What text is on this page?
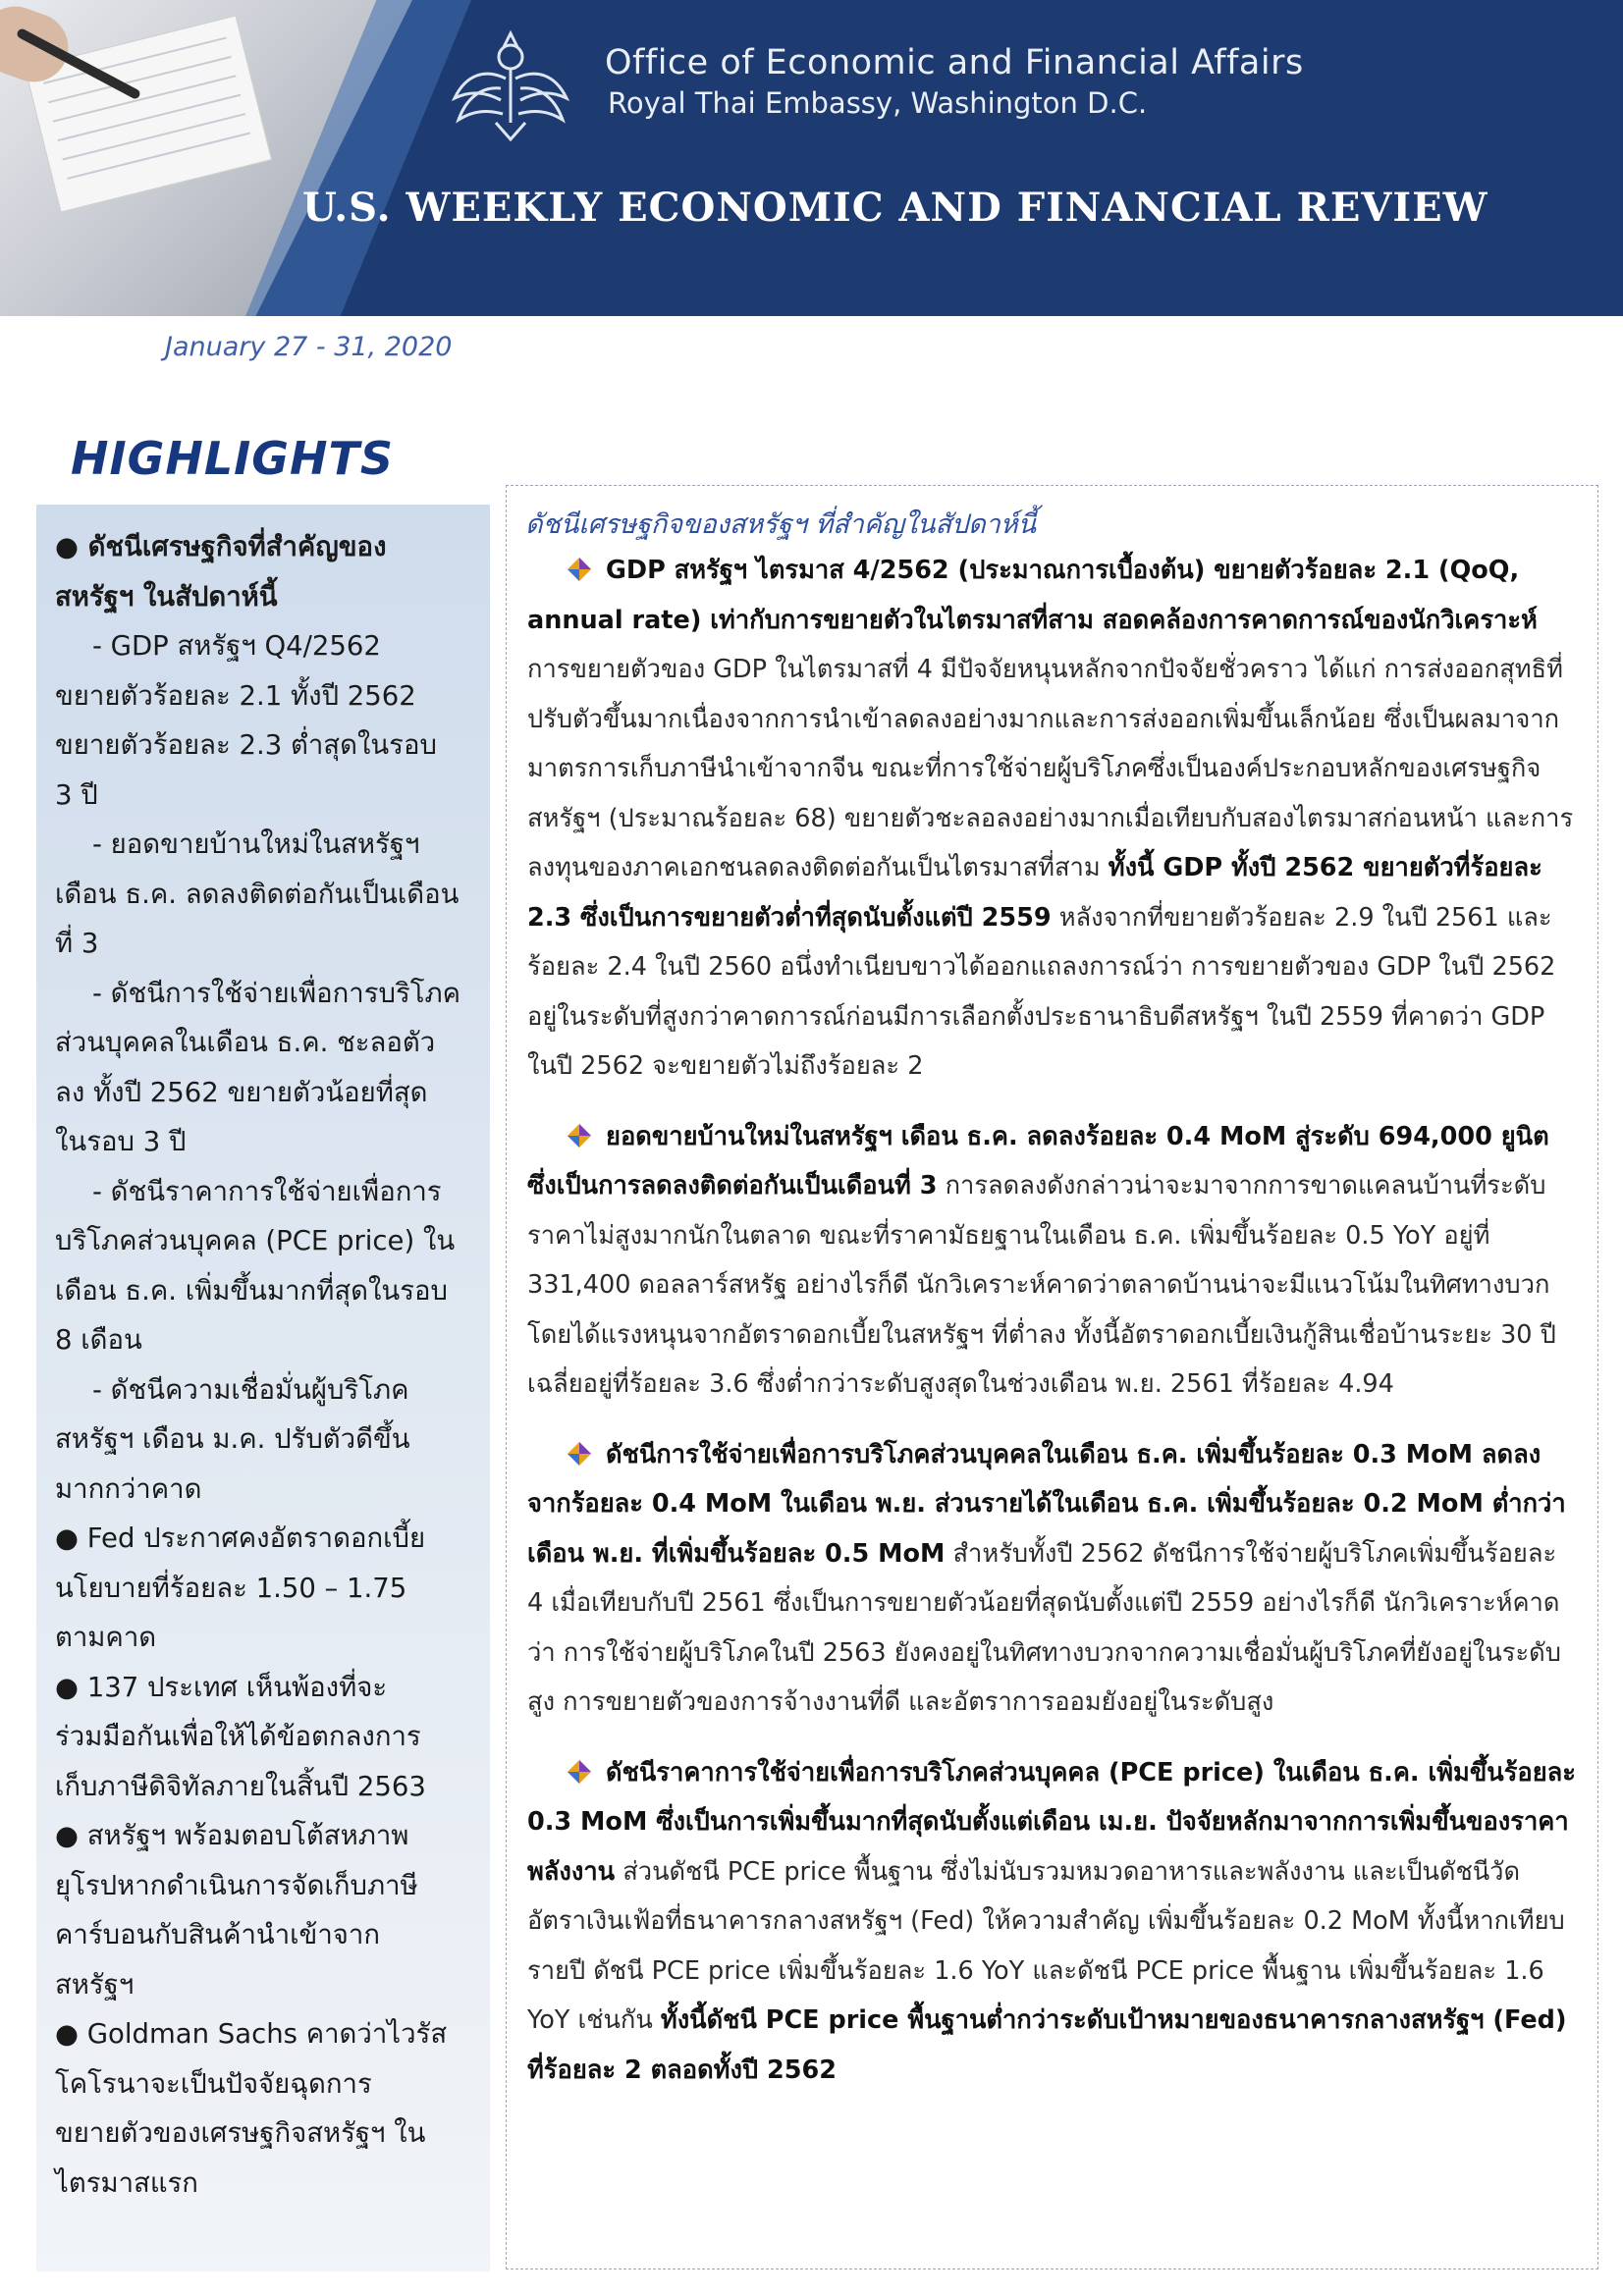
Office of Economic and Financial Affairs
Royal Thai Embassy, Washington D.C.
U.S. WEEKLY ECONOMIC AND FINANCIAL REVIEW
January 27 - 31, 2020
HIGHLIGHTS

● ดัชนีเศรษฐกิจที่สำคัญของ

สหรัฐฯ ในสัปดาห์นี้

- GDP สหรัฐฯ Q4/2562

ขยายตัวร้อยละ 2.1 ทั้งปี 2562

ขยายตัวร้อยละ 2.3 ต่ำสุดในรอบ

3 ปี

- ยอดขายบ้านใหม่ในสหรัฐฯ

เดือน ธ.ค. ลดลงติดต่อกันเป็นเดือน

ที่ 3

- ดัชนีการใช้จ่ายเพื่อการบริโภค

ส่วนบุคคลในเดือน ธ.ค. ชะลอตัว

ลง ทั้งปี 2562 ขยายตัวน้อยที่สุด

ในรอบ 3 ปี

- ดัชนีราคาการใช้จ่ายเพื่อการ

บริโภคส่วนบุคคล (PCE price) ใน

เดือน ธ.ค. เพิ่มขึ้นมากที่สุดในรอบ

8 เดือน

- ดัชนีความเชื่อมั่นผู้บริโภค

สหรัฐฯ เดือน ม.ค. ปรับตัวดีขึ้น

มากกว่าคาด

● Fed ประกาศคงอัตราดอกเบี้ย

นโยบายที่ร้อยละ 1.50 – 1.75

ตามคาด

● 137 ประเทศ เห็นพ้องที่จะ

ร่วมมือกันเพื่อให้ได้ข้อตกลงการ

เก็บภาษีดิจิทัลภายในสิ้นปี 2563

● สหรัฐฯ พร้อมตอบโต้สหภาพ

ยุโรปหากดำเนินการจัดเก็บภาษี

คาร์บอนกับสินค้านำเข้าจาก

สหรัฐฯ

● Goldman Sachs คาดว่าไวรัส

โคโรนาจะเป็นปัจจัยฉุดการ

ขยายตัวของเศรษฐกิจสหรัฐฯ ใน

ไตรมาสแรก

ดัชนีเศรษฐกิจของสหรัฐฯ ที่สำคัญในสัปดาห์นี้

GDP สหรัฐฯ ไตรมาส 4/2562 (ประมาณการเบื้องต้น) ขยายตัวร้อยละ 2.1 (QoQ, annual rate) เท่ากับการขยายตัวในไตรมาสที่สาม สอดคล้องการคาดการณ์ของนักวิเคราะห์ การขยายตัวของ GDP ในไตรมาสที่ 4 มีปัจจัยหนุนหลักจากปัจจัยชั่วคราว ได้แก่ การส่งออกสุทธิที่ปรับตัวขึ้นมากเนื่องจากการนำเข้าลดลงอย่างมากและการส่งออกเพิ่มขึ้นเล็กน้อย ซึ่งเป็นผลมาจากมาตรการเก็บภาษีนำเข้าจากจีน ขณะที่การใช้จ่ายผู้บริโภคซึ่งเป็นองค์ประกอบหลักของเศรษฐกิจสหรัฐฯ (ประมาณร้อยละ 68) ขยายตัวชะลอลงอย่างมากเมื่อเทียบกับสองไตรมาสก่อนหน้า และการลงทุนของภาคเอกชนลดลงติดต่อกันเป็นไตรมาสที่สาม ทั้งนี้ GDP ทั้งปี 2562 ขยายตัวที่ร้อยละ 2.3 ซึ่งเป็นการขยายตัวต่ำที่สุดนับตั้งแต่ปี 2559 หลังจากที่ขยายตัวร้อยละ 2.9 ในปี 2561 และร้อยละ 2.4 ในปี 2560 อนึ่งทำเนียบขาวได้ออกแถลงการณ์ว่า การขยายตัวของ GDP ในปี 2562 อยู่ในระดับที่สูงกว่าคาดการณ์ก่อนมีการเลือกตั้งประธานาธิบดีสหรัฐฯ ในปี 2559 ที่คาดว่า GDP ในปี 2562 จะขยายตัวไม่ถึงร้อยละ 2

ยอดขายบ้านใหม่ในสหรัฐฯ เดือน ธ.ค. ลดลงร้อยละ 0.4 MoM สู่ระดับ 694,000 ยูนิต ซึ่งเป็นการลดลงติดต่อกันเป็นเดือนที่ 3 การลดลงดังกล่าวน่าจะมาจากการขาดแคลนบ้านที่ระดับราคาไม่สูงมากนักในตลาด ขณะที่ราคามัธยฐานในเดือน ธ.ค. เพิ่มขึ้นร้อยละ 0.5 YoY อยู่ที่ 331,400 ดอลลาร์สหรัฐ อย่างไรก็ดี นักวิเคราะห์คาดว่าตลาดบ้านน่าจะมีแนวโน้มในทิศทางบวก โดยได้แรงหนุนจากอัตราดอกเบี้ยในสหรัฐฯ ที่ต่ำลง ทั้งนี้อัตราดอกเบี้ยเงินกู้สินเชื่อบ้านระยะ 30 ปี เฉลี่ยอยู่ที่ร้อยละ 3.6 ซึ่งต่ำกว่าระดับสูงสุดในช่วงเดือน พ.ย. 2561 ที่ร้อยละ 4.94

ดัชนีการใช้จ่ายเพื่อการบริโภคส่วนบุคคลในเดือน ธ.ค. เพิ่มขึ้นร้อยละ 0.3 MoM ลดลงจากร้อยละ 0.4 MoM ในเดือน พ.ย. ส่วนรายได้ในเดือน ธ.ค. เพิ่มขึ้นร้อยละ 0.2 MoM ต่ำกว่าเดือน พ.ย. ที่เพิ่มขึ้นร้อยละ 0.5 MoM สำหรับทั้งปี 2562 ดัชนีการใช้จ่ายผู้บริโภคเพิ่มขึ้นร้อยละ 4 เมื่อเทียบกับปี 2561 ซึ่งเป็นการขยายตัวน้อยที่สุดนับตั้งแต่ปี 2559 อย่างไรก็ดี นักวิเคราะห์คาดว่า การใช้จ่ายผู้บริโภคในปี 2563 ยังคงอยู่ในทิศทางบวกจากความเชื่อมั่นผู้บริโภคที่ยังอยู่ในระดับสูง การขยายตัวของการจ้างงานที่ดี และอัตราการออมยังอยู่ในระดับสูง

ดัชนีราคาการใช้จ่ายเพื่อการบริโภคส่วนบุคคล (PCE price) ในเดือน ธ.ค. เพิ่มขึ้นร้อยละ 0.3 MoM ซึ่งเป็นการเพิ่มขึ้นมากที่สุดนับตั้งแต่เดือน เม.ย. ปัจจัยหลักมาจากการเพิ่มขึ้นของราคาพลังงาน ส่วนดัชนี PCE price พื้นฐาน ซึ่งไม่นับรวมหมวดอาหารและพลังงาน และเป็นดัชนีวัดอัตราเงินเฟ้อที่ธนาคารกลางสหรัฐฯ (Fed) ให้ความสำคัญ เพิ่มขึ้นร้อยละ 0.2 MoM ทั้งนี้หากเทียบรายปี ดัชนี PCE price เพิ่มขึ้นร้อยละ 1.6 YoY และดัชนี PCE price พื้นฐาน เพิ่มขึ้นร้อยละ 1.6 YoY เช่นกัน ทั้งนี้ดัชนี PCE price พื้นฐานต่ำกว่าระดับเป้าหมายของธนาคารกลางสหรัฐฯ (Fed) ที่ร้อยละ 2 ตลอดทั้งปี 2562
